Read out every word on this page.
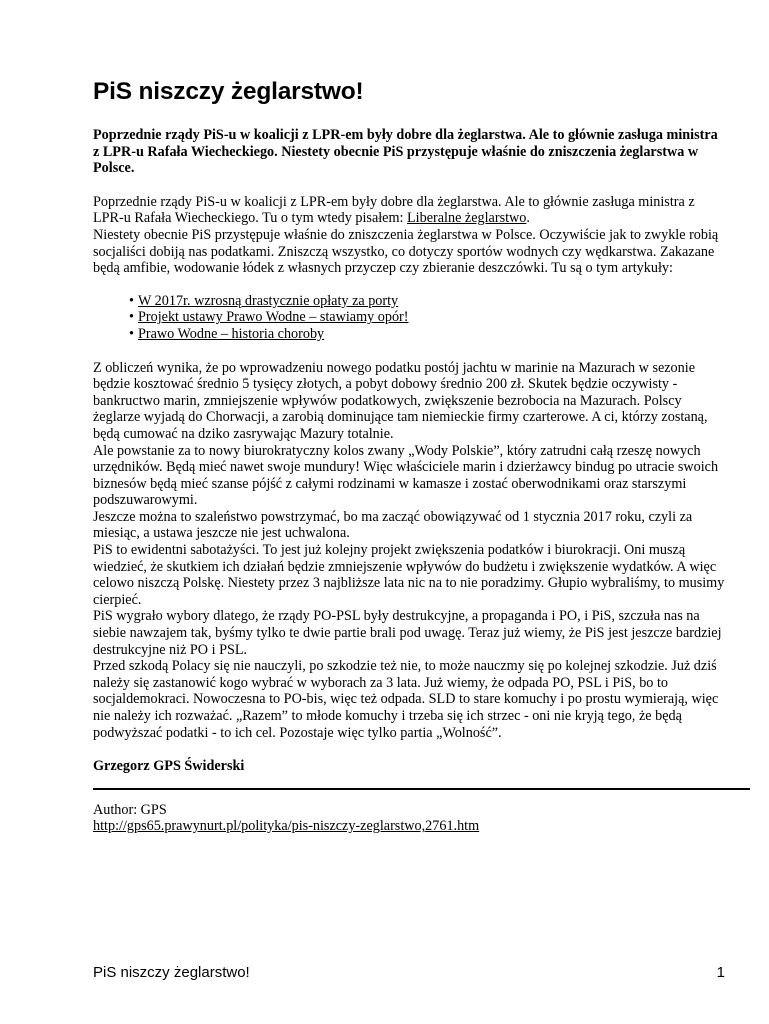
PiS niszczy żeglarstwo!

Poprzednie rządy PiS-u w koalicji z LPR-em były dobre dla żeglarstwa. Ale to głównie zasługa ministra z LPR-u Rafała Wiecheckiego. Niestety obecnie PiS przystępuje właśnie do zniszczenia żeglarstwa w Polsce.

Poprzednie rządy PiS-u w koalicji z LPR-em były dobre dla żeglarstwa. Ale to głównie zasługa ministra z LPR-u Rafała Wiecheckiego. Tu o tym wtedy pisałem: Liberalne żeglarstwo.

Niestety obecnie PiS przystępuje właśnie do zniszczenia żeglarstwa w Polsce. Oczywiście jak to zwykle robią socjaliści dobiją nas podatkami. Zniszczą wszystko, co dotyczy sportów wodnych czy wędkarstwa. Zakazane będą amfibie, wodowanie łódek z własnych przyczep czy zbieranie deszczówki. Tu są o tym artykuły:

• W 2017r. wzrosną drastycznie opłaty za porty
• Projekt ustawy Prawo Wodne – stawiamy opór!
• Prawo Wodne – historia choroby

Z obliczeń wynika, że po wprowadzeniu nowego podatku postój jachtu w marinie na Mazurach w sezonie będzie kosztować średnio 5 tysięcy złotych, a pobyt dobowy średnio 200 zł. Skutek będzie oczywisty - bankructwo marin, zmniejszenie wpływów podatkowych, zwiększenie bezrobocia na Mazurach. Polscy żeglarze wyjadą do Chorwacji, a zarobią dominujące tam niemieckie firmy czarterowe. A ci, którzy zostaną, będą cumować na dziko zasrywając Mazury totalnie.

Ale powstanie za to nowy biurokratyczny kolos zwany „Wody Polskie”, który zatrudni całą rzeszę nowych urzędników. Będą mieć nawet swoje mundury! Więc właściciele marin i dzierżawcy bindug po utracie swoich biznesów będą mieć szanse pójść z całymi rodzinami w kamasze i zostać oberwodnikami oraz starszymi podszuwarowymi.

Jeszcze można to szaleństwo powstrzymać, bo ma zacząć obowiązywać od 1 stycznia 2017 roku, czyli za miesiąc, a ustawa jeszcze nie jest uchwalona.

PiS to ewidentni sabotażyści. To jest już kolejny projekt zwiększenia podatków i biurokracji. Oni muszą wiedzieć, że skutkiem ich działań będzie zmniejszenie wpływów do budżetu i zwiększenie wydatków. A więc celowo niszczą Polskę. Niestety przez 3 najbliższe lata nic na to nie poradzimy. Głupio wybraliśmy, to musimy cierpieć.

PiS wygrało wybory dlatego, że rządy PO-PSL były destrukcyjne, a propaganda i PO, i PiS, szczuła nas na siebie nawzajem tak, byśmy tylko te dwie partie brali pod uwagę. Teraz już wiemy, że PiS jest jeszcze bardziej destrukcyjne niż PO i PSL.

Przed szkodą Polacy się nie nauczyli, po szkodzie też nie, to może nauczmy się po kolejnej szkodzie. Już dziś należy się zastanowić kogo wybrać w wyborach za 3 lata. Już wiemy, że odpada PO, PSL i PiS, bo to socjaldemokraci. Nowoczesna to PO-bis, więc też odpada. SLD to stare komuchy i po prostu wymierają, więc nie należy ich rozważać. „Razem” to młode komuchy i trzeba się ich strzec - oni nie kryją tego, że będą podwyższać podatki - to ich cel. Pozostaje więc tylko partia „Wolność”.

Grzegorz GPS Świderski

Author: GPS
http://gps65.prawynurt.pl/polityka/pis-niszczy-zeglarstwo,2761.htm
PiS niszczy żeglarstwo!	1
